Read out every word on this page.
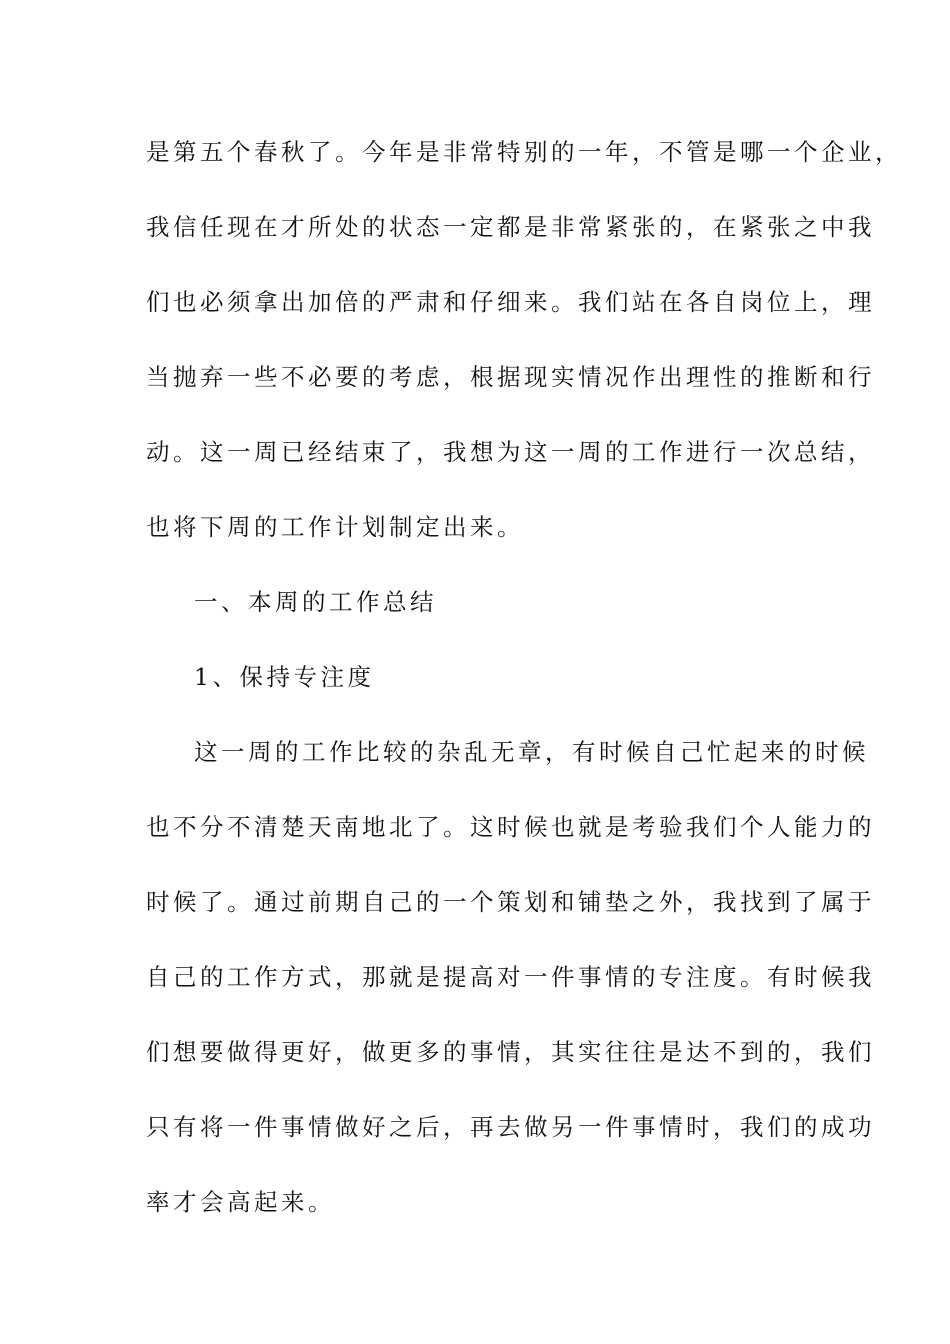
是第五个春秋了。今年是非常特别的一年，不管是哪一个企业，
我信任现在才所处的状态一定都是非常紧张的，在紧张之中我
们也必须拿出加倍的严肃和仔细来。我们站在各自岗位上，理
当抛弃一些不必要的考虑，根据现实情况作出理性的推断和行
动。这一周已经结束了，我想为这一周的工作进行一次总结，
也将下周的工作计划制定出来。
一、本周的工作总结
1、保持专注度
这一周的工作比较的杂乱无章，有时候自己忙起来的时候
也不分不清楚天南地北了。这时候也就是考验我们个人能力的
时候了。通过前期自己的一个策划和铺垫之外，我找到了属于
自己的工作方式，那就是提高对一件事情的专注度。有时候我
们想要做得更好，做更多的事情，其实往往是达不到的，我们
只有将一件事情做好之后，再去做另一件事情时，我们的成功
率才会高起来。
